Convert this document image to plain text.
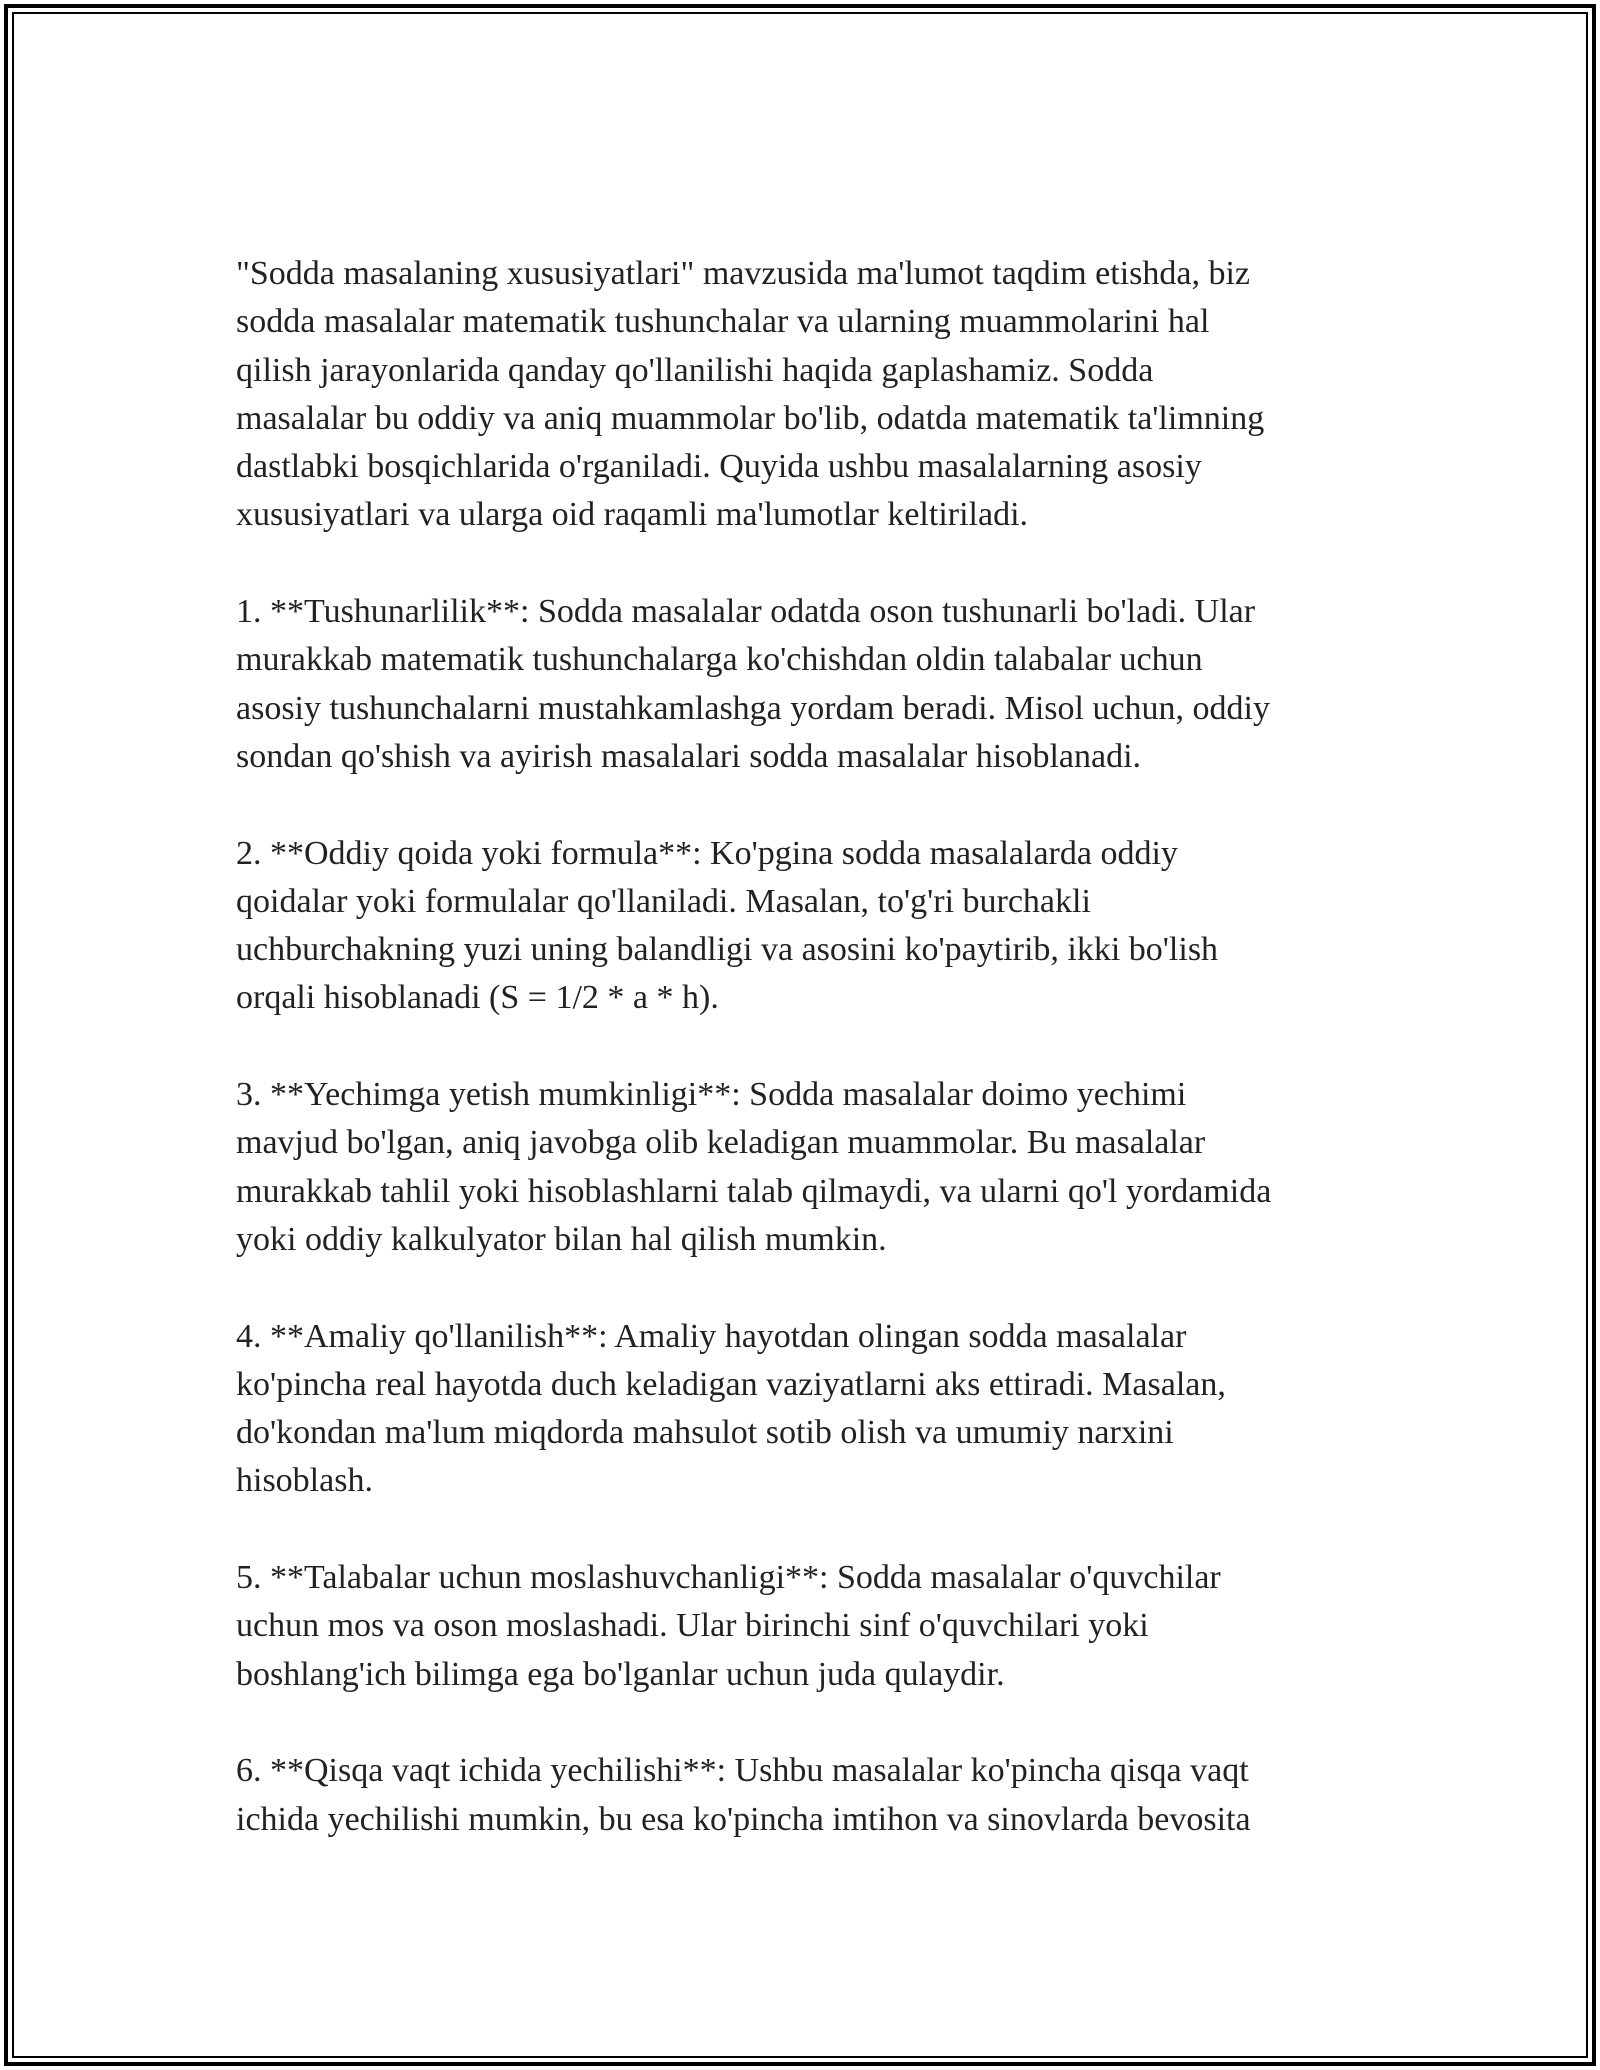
"Sodda masalaning xususiyatlari" mavzusida ma'lumot taqdim etishda, biz
sodda masalalar matematik tushunchalar va ularning muammolarini hal
qilish jarayonlarida qanday qo'llanilishi haqida gaplashamiz. Sodda
masalalar bu oddiy va aniq muammolar bo'lib, odatda matematik ta'limning
dastlabki bosqichlarida o'rganiladi. Quyida ushbu masalalarning asosiy
xususiyatlari va ularga oid raqamli ma'lumotlar keltiriladi.

1. **Tushunarlilik**: Sodda masalalar odatda oson tushunarli bo'ladi. Ular
murakkab matematik tushunchalarga ko'chishdan oldin talabalar uchun
asosiy tushunchalarni mustahkamlashga yordam beradi. Misol uchun, oddiy
sondan qo'shish va ayirish masalalari sodda masalalar hisoblanadi.

2. **Oddiy qoida yoki formula**: Ko'pgina sodda masalalarda oddiy
qoidalar yoki formulalar qo'llaniladi. Masalan, to'g'ri burchakli
uchburchakning yuzi uning balandligi va asosini ko'paytirib, ikki bo'lish
orqali hisoblanadi (S = 1/2 * a * h).

3. **Yechimga yetish mumkinligi**: Sodda masalalar doimo yechimi
mavjud bo'lgan, aniq javobga olib keladigan muammolar. Bu masalalar
murakkab tahlil yoki hisoblashlarni talab qilmaydi, va ularni qo'l yordamida
yoki oddiy kalkulyator bilan hal qilish mumkin.

4. **Amaliy qo'llanilish**: Amaliy hayotdan olingan sodda masalalar
ko'pincha real hayotda duch keladigan vaziyatlarni aks ettiradi. Masalan,
do'kondan ma'lum miqdorda mahsulot sotib olish va umumiy narxini
hisoblash.

5. **Talabalar uchun moslashuvchanligi**: Sodda masalalar o'quvchilar
uchun mos va oson moslashadi. Ular birinchi sinf o'quvchilari yoki
boshlang'ich bilimga ega bo'lganlar uchun juda qulaydir.

6. **Qisqa vaqt ichida yechilishi**: Ushbu masalalar ko'pincha qisqa vaqt
ichida yechilishi mumkin, bu esa ko'pincha imtihon va sinovlarda bevosita
